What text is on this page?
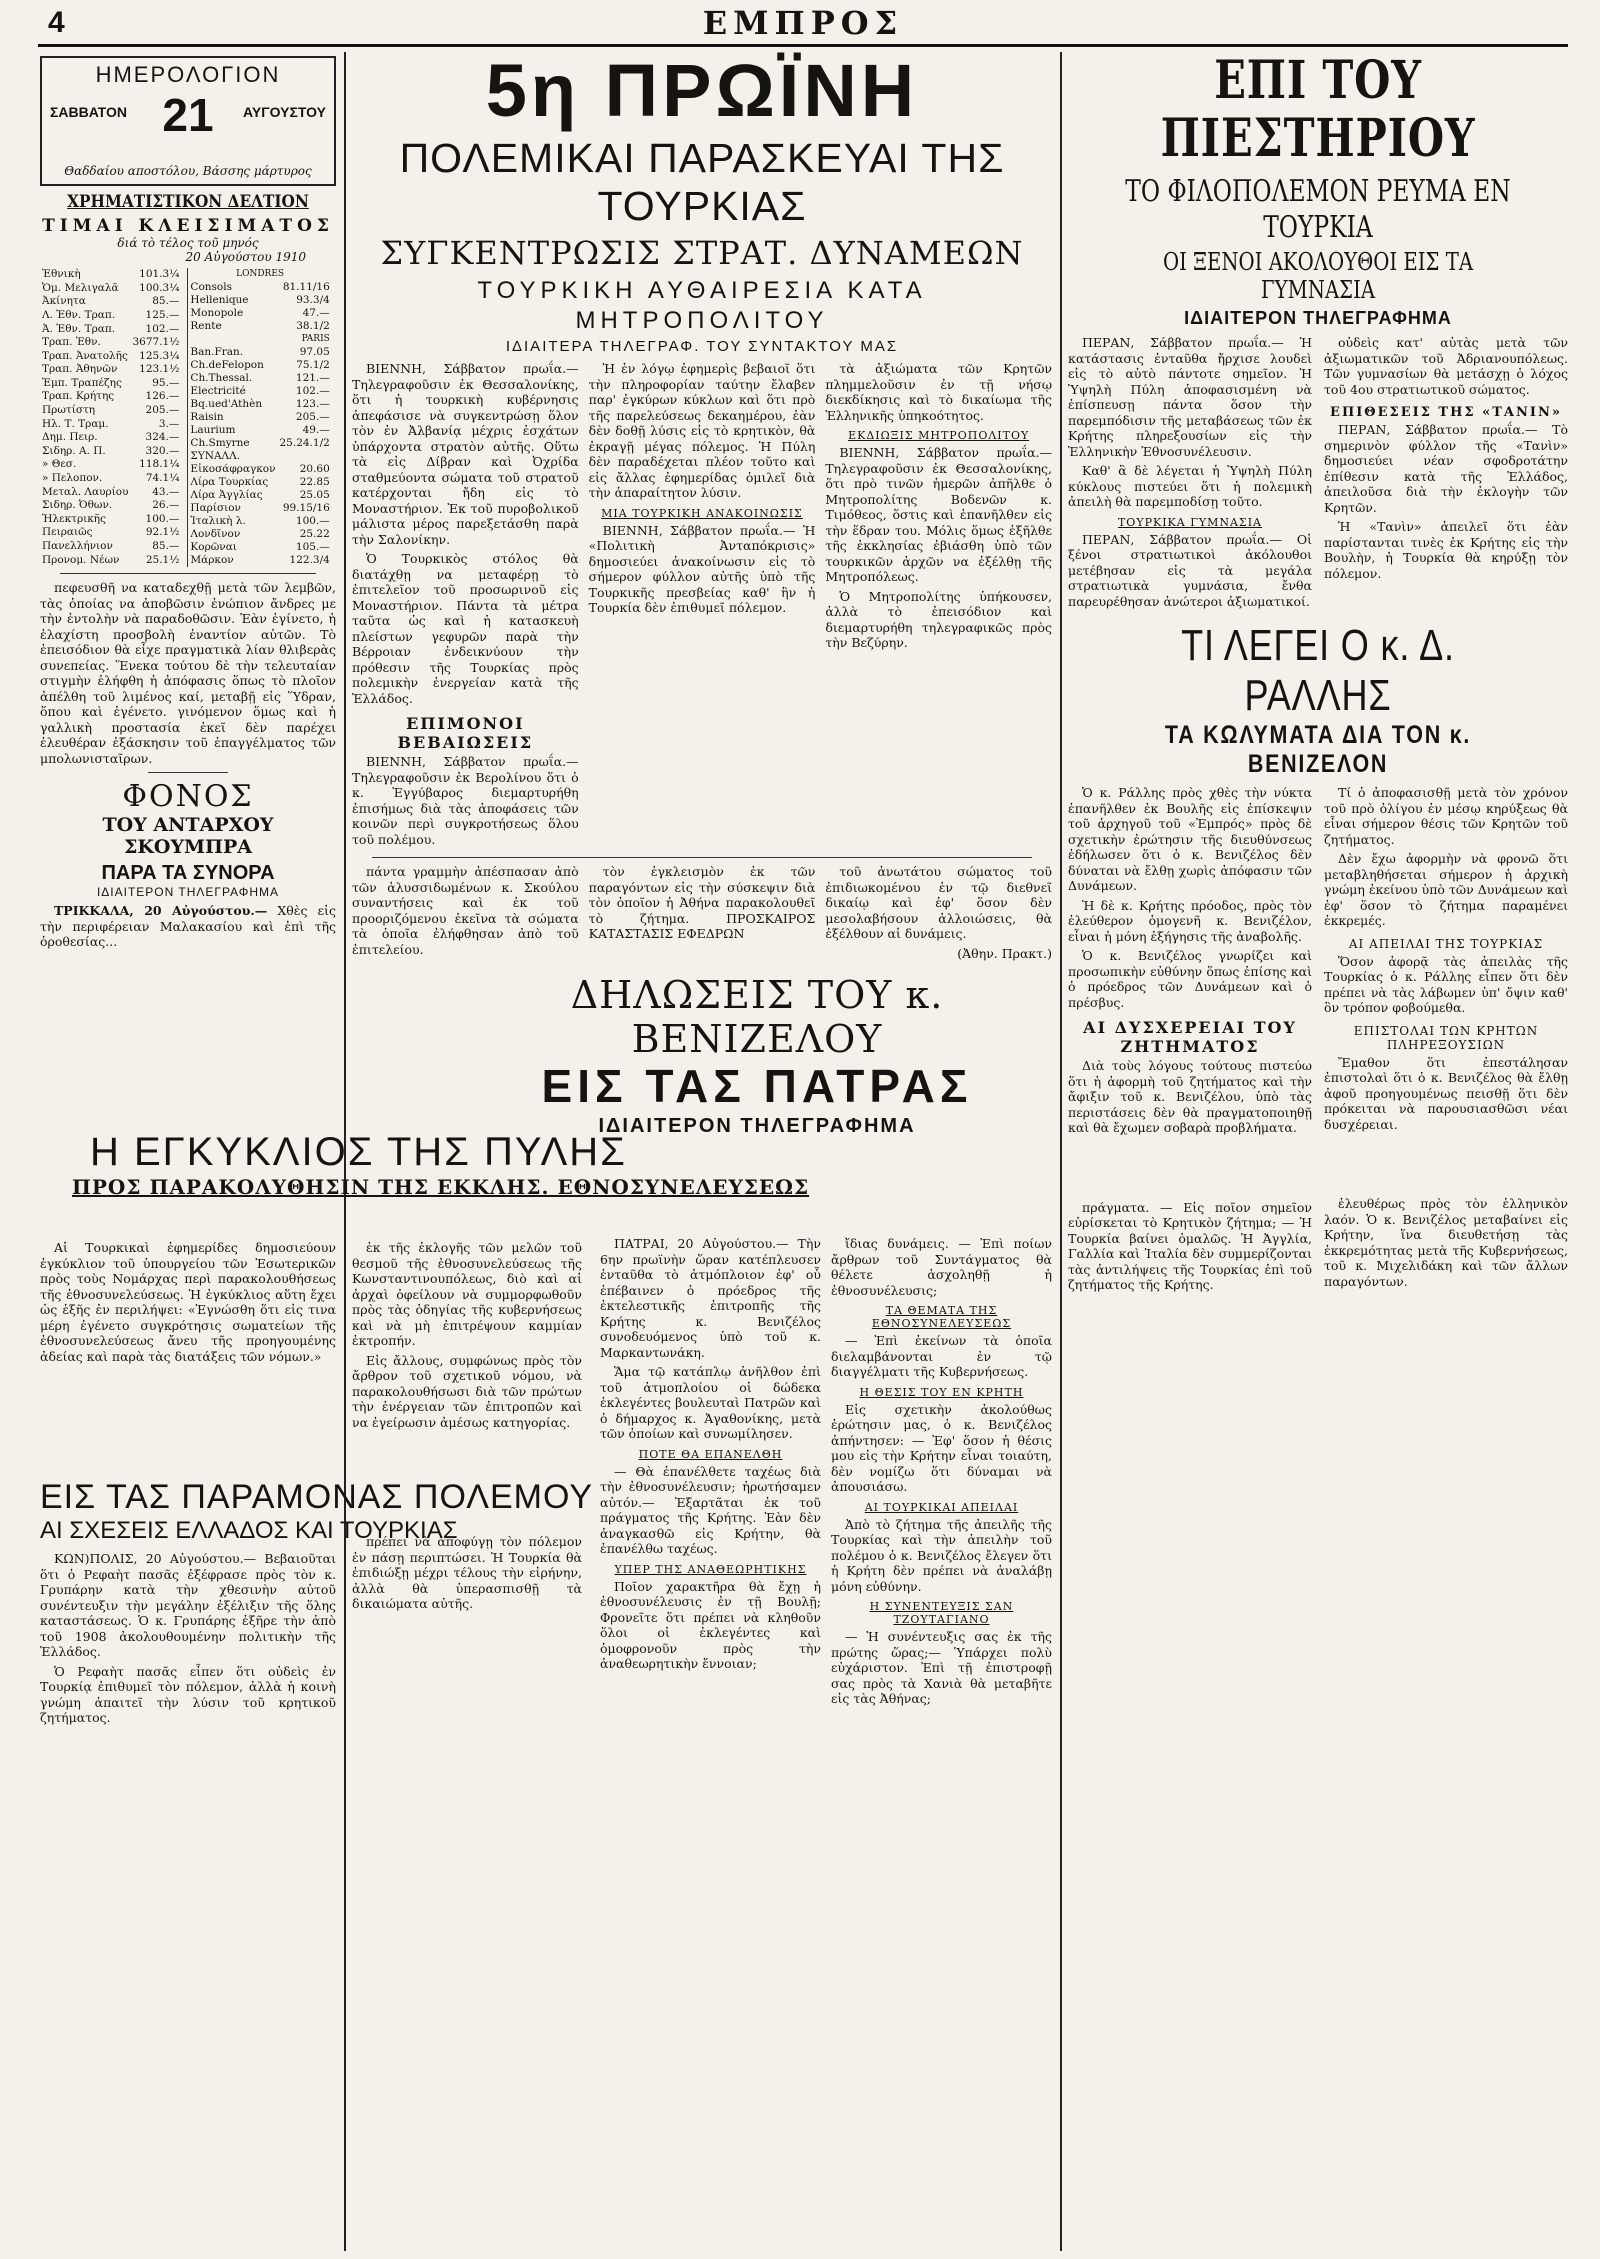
4	ΕΜΠΡΟΣ
ΗΜΕΡΟΛΟΓΙΟΝ
ΣΑΒΒΑΤΟΝ 21	ΑΥΓΟΥΣΤΟΥ
Θαδδαίου αποστόλου, Βάσσης μάρτυρος
ΧΡΗΜΑΤΙΣΤΙΚΟΝ ΔΕΛΤΙΟΝ
ΤΙΜΑΙ ΚΛΕΙΣΙΜΑΤΟΣ
διά τὸ τέλος τοῦ μηνός
20 Αὐγούστου 1910
Ἐθνικὴ	101.3¼
Ὁμ. Μελιγαλᾶ	100.3¼
Ἀκίνητα	85.—
Λ. Ἐθν. Τραπ.	125.—
Ἀ. Ἐθν. Τραπ.	102.—
Τραπ. Ἐθν.	3677.1½
Τραπ. Ἀνατολῆς	125.3¼
Τραπ. Ἀθηνῶν	123.1½
Ἐμπ. Τραπέζης	95.—
Τραπ. Κρήτης	126.—
Πρωτίστη	205.—
Ηλ. Τ. Τραμ.	3.—
Δημ. Πειρ.	324.—
Σιδηρ. Α. Π.	320.—
» Θεσ.	118.1¼
» Πελοπον.	74.1¼
Μεταλ. Λαυρίου	43.—
Σιδηρ. Ὀθων.	26.—
Ἠλεκτρικῆς	100.—
Πειραιῶς	92.1½
Πανελλήνιον	85.—
Προνομ. Νέων	25.1½
LONDRES	
Consols	81.11/16
Hellenique	93.3/4
Monopole	47.—
Rente	38.1/2
PARIS	
Ban.Fran.	97.05
Ch.deFelopon	75.1/2
Ch.Thessal.	121.—
Electricité	102.—
Bq.ued'Athèn	123.—
Raisin	205.—
Laurium	49.—
Ch.Smyrne	25.24.1/2
ΣΥΝΑΛΛ.	
Εἰκοσάφραγκον	20.60
Λίρα Τουρκίας	22.85
Λίρα Ἀγγλίας	25.05
Παρίσιον	99.15/16
Ἰταλικὴ λ.	100.—
Λονδῖνον	25.22
Κορῶναι	105.—
Μάρκον	122.3/4

πεφευσθῆ να καταδεχθῇ μετὰ τῶν λεμβῶν, τὰς ὁποίας να ἀποβῶσιν ἐνώπιον ἄνδρες με τὴν ἐντολὴν νὰ παραδοθῶσιν. Ἐὰν ἐγίνετο, ἡ ἐλαχίστη προσβολὴ ἐναντίον αὐτῶν. Τὸ ἐπεισόδιον θὰ εἶχε πραγματικὰ λίαν θλιβερὰς συνεπείας. Ἕνεκα τούτου δὲ τὴν τελευταίαν στιγμὴν ἐλήφθη ἡ ἀπόφασις ὅπως τὸ πλοῖον ἀπέλθη τοῦ λιμένος καί, μεταβῇ εἰς Ὕδραν, ὅπου καὶ ἐγένετο. γινόμενον ὅμως καὶ ἡ γαλλικὴ προστασία ἐκεῖ δὲν παρέχει ἐλευθέραν ἐξάσκησιν τοῦ ἐπαγγέλματος τῶν μπολωνισταῖρων.

ΦΟΝΟΣ
ΤΟΥ ΑΝΤΑΡΧΟΥ ΣΚΟΥΜΠΡΑ
ΠΑΡΑ ΤΑ ΣΥΝΟΡΑ
ΙΔΙΑΙΤΕΡΟΝ ΤΗΛΕΓΡΑΦΗΜΑ

ΤΡΙΚΚΑΛΑ, 20 Αὐγούστου.— Χθὲς εἰς τὴν περιφέρειαν Μαλακασίου καὶ ἐπὶ τῆς ὁροθεσίας...

5η ΠΡΩΪΝΗ
ΠΟΛΕΜΙΚΑΙ ΠΑΡΑΣΚΕΥΑΙ ΤΗΣ ΤΟΥΡΚΙΑΣ
ΣΥΓΚΕΝΤΡΩΣΙΣ ΣΤΡΑΤ. ΔΥΝΑΜΕΩΝ
ΤΟΥΡΚΙΚΗ ΑΥΘΑΙΡΕΣΙΑ ΚΑΤΑ ΜΗΤΡΟΠΟΛΙΤΟΥ
ΙΔΙΑΙΤΕΡΑ ΤΗΛΕΓΡΑΦ. ΤΟΥ ΣΥΝΤΑΚΤΟΥ ΜΑΣ

ΒΙΕΝΝΗ, Σάββατον πρωΐα.—Τηλεγραφοῦσιν ἐκ Θεσσαλονίκης, ὅτι ἡ τουρκικὴ κυβέρνησις ἀπεφάσισε νὰ συγκεντρώσῃ ὅλον τὸν ἐν Ἀλβανίᾳ μέχρις ἐσχάτων ὑπάρχοντα στρατὸν αὐτῆς. Οὕτω τὰ εἰς Δίβραν καὶ Ὀχρίδα σταθμεύοντα σώματα τοῦ στρατοῦ κατέρχονται ἤδη εἰς τὸ Μοναστήριον. Ἐκ τοῦ πυροβολικοῦ μάλιστα μέρος παρεξετάσθη παρὰ τὴν Σαλονίκην.

Ὁ Τουρκικὸς στόλος θὰ διατάχθῃ να μεταφέρῃ τὸ ἐπιτελεῖον τοῦ προσωρινοῦ εἰς Μοναστήριον. Πάντα τὰ μέτρα ταῦτα ὡς καὶ ἡ κατασκευὴ πλείστων γεφυρῶν παρὰ τὴν Βέρροιαν ἐνδεικνύουν τὴν πρόθεσιν τῆς Τουρκίας πρὸς πολεμικὴν ἐνεργείαν κατὰ τῆς Ἑλλάδος.

ΕΠΙΜΟΝΟΙ ΒΕΒΑΙΩΣΕΙΣ

ΒΙΕΝΝΗ, Σάββατον πρωΐα.—Τηλεγραφοῦσιν ἐκ Βερολίνου ὅτι ὁ κ. Ἐγγύβαρος διεμαρτυρήθη ἐπισήμως διὰ τὰς ἀποφάσεις τῶν κοινῶν περὶ συγκροτήσεως ὅλου τοῦ πολέμου.

Ἡ ἐν λόγῳ ἐφημερὶς βεβαιοῖ ὅτι τὴν πληροφορίαν ταύτην ἔλαβεν παρ' ἐγκύρων κύκλων καὶ ὅτι πρὸ τῆς παρελεύσεως δεκαημέρου, ἐὰν δὲν δοθῇ λύσις εἰς τὸ κρητικὸν, θὰ ἐκραγῇ μέγας πόλεμος. Ἡ Πύλη δὲν παραδέχεται πλέον τοῦτο καὶ εἰς ἄλλας ἐφημερίδας ὁμιλεῖ διὰ τὴν ἀπαραίτητον λύσιν.

ΜΙΑ ΤΟΥΡΚΙΚΗ ΑΝΑΚΟΙΝΩΣΙΣ

ΒΙΕΝΝΗ, Σάββατον πρωΐα.— Ἡ «Πολιτικὴ Ἀνταπόκρισις» δημοσιεύει ἀνακοίνωσιν εἰς τὸ σήμερον φύλλον αὐτῆς ὑπὸ τῆς Τουρκικῆς πρεσβείας καθ' ἣν ἡ Τουρκία δὲν ἐπιθυμεῖ πόλεμον.

τὰ ἀξιώματα τῶν Κρητῶν πλημμελοῦσιν ἐν τῇ νήσῳ διεκδίκησις καὶ τὸ δικαίωμα τῆς Ἑλληνικῆς ὑπηκοότητος.

ΕΚΔΙΩΞΙΣ ΜΗΤΡΟΠΟΛΙΤΟΥ

ΒΙΕΝΝΗ, Σάββατον πρωΐα.—Τηλεγραφοῦσιν ἐκ Θεσσαλονίκης, ὅτι πρὸ τινῶν ἡμερῶν ἀπῆλθε ὁ Μητροπολίτης Βοδενῶν κ. Τιμόθεος, ὅστις καὶ ἐπανῆλθεν εἰς τὴν ἕδραν του. Μόλις ὅμως ἐξῆλθε τῆς ἐκκλησίας ἐβιάσθη ὑπὸ τῶν τουρκικῶν ἀρχῶν να ἐξέλθῃ τῆς Μητροπόλεως.

Ὁ Μητροπολίτης ὑπήκουσεν, ἀλλὰ τὸ ἐπεισόδιον καὶ διεμαρτυρήθη τηλεγραφικῶς πρὸς τὴν Βεζύρην.

πάντα γραμμὴν ἀπέσπασαν ἀπὸ τῶν ἀλυσσιδωμένων κ. Σκούλου συναντήσεις καὶ ἐκ τοῦ προοριζόμενου ἐκεῖνα τὰ σώματα τὰ ὁποῖα ἐλήφθησαν ἀπὸ τοῦ ἐπιτελείου.

τὸν ἐγκλεισμὸν ἐκ τῶν παραγόντων εἰς τὴν σύσκεψιν διὰ τὸν ὁποῖον ἡ Ἀθήνα παρακολουθεῖ τὸ ζήτημα. ΠΡΟΣΚΑΙΡΟΣ ΚΑΤΑΣΤΑΣΙΣ ΕΦΕΔΡΩΝ

τοῦ ἀνωτάτου σώματος τοῦ ἐπιδιωκομένου ἐν τῷ διεθνεῖ δικαίῳ καὶ ἐφ' ὅσον δὲν μεσολαβήσουν ἀλλοιώσεις, θὰ ἐξέλθουν αἱ δυνάμεις.

(Ἀθην. Πρακτ.)

ΔΗΛΩΣΕΙΣ ΤΟΥ κ. ΒΕΝΙΖΕΛΟΥ
ΕΙΣ ΤΑΣ ΠΑΤΡΑΣ
ΙΔΙΑΙΤΕΡΟΝ ΤΗΛΕΓΡΑΦΗΜΑ
Η ΕΓΚΥΚΛΙΟΣ ΤΗΣ ΠΥΛΗΣ
ΠΡΟΣ ΠΑΡΑΚΟΛΥΘΗΣΙΝ ΤΗΣ ΕΚΚΛΗΣ. ΕΘΝΟΣΥΝΕΛΕΥΣΕΩΣ

Αἱ Τουρκικαὶ ἐφημερίδες δημοσιεύουν ἐγκύκλιον τοῦ ὑπουργείου τῶν Ἐσωτερικῶν πρὸς τοὺς Νομάρχας περὶ παρακολουθήσεως τῆς ἐθνοσυνελεύσεως. Ἡ ἐγκύκλιος αὕτη ἔχει ὡς ἑξῆς ἐν περιλήψει: «Ἐγνώσθη ὅτι εἰς τινα μέρη ἐγένετο συγκρότησις σωματείων τῆς ἐθνοσυνελεύσεως ἄνευ τῆς προηγουμένης ἀδείας καὶ παρὰ τὰς διατάξεις τῶν νόμων.»

ΕΙΣ ΤΑΣ ΠΑΡΑΜΟΝΑΣ ΠΟΛΕΜΟΥ
ΑΙ ΣΧΕΣΕΙΣ ΕΛΛΑΔΟΣ ΚΑΙ ΤΟΥΡΚΙΑΣ

ΚΩΝ)ΠΟΛΙΣ, 20 Αὐγούστου.— Βεβαιοῦται ὅτι ὁ Ρεφαὴτ πασᾶς ἐξέφρασε πρὸς τὸν κ. Γρυπάρην κατὰ τὴν χθεσινὴν αὐτοῦ συνέντευξιν τὴν μεγάλην ἐξέλιξιν τῆς ὅλης καταστάσεως. Ὁ κ. Γρυπάρης ἐξῆρε τὴν ἀπὸ τοῦ 1908 ἀκολουθουμένην πολιτικὴν τῆς Ἑλλάδος.

Ὁ Ρεφαὴτ πασᾶς εἶπεν ὅτι οὐδεὶς ἐν Τουρκίᾳ ἐπιθυμεῖ τὸν πόλεμον, ἀλλὰ ἡ κοινὴ γνώμη ἀπαιτεῖ τὴν λύσιν τοῦ κρητικοῦ ζητήματος.

ἐκ τῆς ἐκλογῆς τῶν μελῶν τοῦ θεσμοῦ τῆς ἐθνοσυνελεύσεως τῆς Κωνσταντινουπόλεως, διὸ καὶ αἱ ἀρχαὶ ὀφείλουν νὰ συμμορφωθοῦν πρὸς τὰς ὁδηγίας τῆς κυβερνήσεως καὶ νὰ μὴ ἐπιτρέψουν καμμίαν ἐκτροπήν.

Εἰς ἄλλους, συμφώνως πρὸς τὸν ἄρθρον τοῦ σχετικοῦ νόμου, νὰ παρακολουθήσωσι διὰ τῶν πρώτων τὴν ἐνέργειαν τῶν ἐπιτροπῶν καὶ να ἐγείρωσιν ἀμέσως κατηγορίας.

πρέπει νὰ ἀποφύγῃ τὸν πόλεμον ἐν πάσῃ περιπτώσει. Ἡ Τουρκία θὰ ἐπιδιώξῃ μέχρι τέλους τὴν εἰρήνην, ἀλλὰ θὰ ὑπερασπισθῇ τὰ δικαιώματα αὐτῆς.

ΠΑΤΡΑΙ, 20 Αὐγούστου.— Τὴν 6ην πρωϊνὴν ὥραν κατέπλευσεν ἐνταῦθα τὸ ἀτμόπλοιον ἐφ' οὗ ἐπέβαινεν ὁ πρόεδρος τῆς ἐκτελεστικῆς ἐπιτροπῆς τῆς Κρήτης κ. Βενιζέλος συνοδευόμενος ὑπὸ τοῦ κ. Μαρκαντωνάκη.

Ἅμα τῷ κατάπλῳ ἀνῆλθον ἐπὶ τοῦ ἀτμοπλοίου οἱ δώδεκα ἐκλεγέντες βουλευταὶ Πατρῶν καὶ ὁ δήμαρχος κ. Ἀγαθονίκης, μετὰ τῶν ὁποίων καὶ συνωμίλησεν.

ΠΟΤΕ ΘΑ ΕΠΑΝΕΛΘΗ

— Θὰ ἐπανέλθετε ταχέως διὰ τὴν ἐθνοσυνέλευσιν; ἠρωτήσαμεν αὐτόν.— Ἐξαρτᾶται ἐκ τοῦ πράγματος τῆς Κρήτης. Ἐὰν δὲν ἀναγκασθῶ εἰς Κρήτην, θὰ ἐπανέλθω ταχέως.

ΥΠΕΡ ΤΗΣ ΑΝΑΘΕΩΡΗΤΙΚΗΣ

Ποῖον χαρακτῆρα θὰ ἔχῃ ἡ ἐθνοσυνέλευσις ἐν τῇ Βουλῇ; Φρονεῖτε ὅτι πρέπει νὰ κληθοῦν ὅλοι οἱ ἐκλεγέντες καὶ ὁμοφρονοῦν πρὸς τὴν ἀναθεωρητικὴν ἔννοιαν;

ἴδιας δυνάμεις. — Ἐπὶ ποίων ἄρθρων τοῦ Συντάγματος θὰ θέλετε ἀσχοληθῇ ἡ ἐθνοσυνέλευσις;

ΤΑ ΘΕΜΑΤΑ ΤΗΣ ΕΘΝΟΣΥΝΕΛΕΥΣΕΩΣ

— Ἐπὶ ἐκείνων τὰ ὁποῖα διελαμβάνονται ἐν τῷ διαγγέλματι τῆς Κυβερνήσεως.

Η ΘΕΣΙΣ ΤΟΥ ΕΝ ΚΡΗΤΗ

Εἰς σχετικὴν ἀκολούθως ἐρώτησιν μας, ὁ κ. Βενιζέλος ἀπήντησεν: — Ἐφ' ὅσον ἡ θέσις μου εἰς τὴν Κρήτην εἶναι τοιαύτη, δὲν νομίζω ὅτι δύναμαι νὰ ἀπουσιάσω.

ΑΙ ΤΟΥΡΚΙΚΑΙ ΑΠΕΙΛΑΙ

Ἀπὸ τὸ ζήτημα τῆς ἀπειλῆς τῆς Τουρκίας καὶ τὴν ἀπειλὴν τοῦ πολέμου ὁ κ. Βενιζέλος ἔλεγεν ὅτι ἡ Κρήτη δὲν πρέπει νὰ ἀναλάβῃ μόνη εὐθύνην.

Η ΣΥΝΕΝΤΕΥΞΙΣ ΣΑΝ ΤΖΟΥΤΑΓΙΑΝΟ

— Ἡ συνέντευξις σας ἐκ τῆς πρώτης ὥρας;— Ὑπάρχει πολὺ εὐχάριστον. Ἐπὶ τῇ ἐπιστροφῇ σας πρὸς τὰ Χανιὰ θὰ μεταβῆτε εἰς τὰς Ἀθήνας;

ΕΠΙ ΤΟΥ ΠΙΕΣΤΗΡΙΟΥ
ΤΟ ΦΙΛΟΠΟΛΕΜΟΝ ΡΕΥΜΑ ΕΝ ΤΟΥΡΚΙΑ
ΟΙ ΞΕΝΟΙ ΑΚΟΛΟΥΘΟΙ ΕΙΣ ΤΑ ΓΥΜΝΑΣΙΑ
ΙΔΙΑΙΤΕΡΟΝ ΤΗΛΕΓΡΑΦΗΜΑ

ΠΕΡΑΝ, Σάββατον πρωΐα.— Ἡ κατάστασις ἐνταῦθα ἤρχισε λουδεὶ εἰς τὸ αὐτὸ πάντοτε σημεῖον. Ἡ Ὑψηλὴ Πύλη ἀποφασισμένη νὰ ἐπίσπευσῃ πάντα ὅσον τὴν παρεμπόδισιν τῆς μεταβάσεως τῶν ἐκ Κρήτης πληρεξουσίων εἰς τὴν Ἑλληνικὴν Ἐθνοσυνέλευσιν.

Καθ' ἃ δὲ λέγεται ἡ Ὑψηλὴ Πύλη κύκλους πιστεύει ὅτι ἡ πολεμικὴ ἀπειλὴ θὰ παρεμποδίσῃ τοῦτο.

ΤΟΥΡΚΙΚΑ ΓΥΜΝΑΣΙΑ

ΠΕΡΑΝ, Σάββατον πρωΐα.— Οἱ ξένοι στρατιωτικοὶ ἀκόλουθοι μετέβησαν εἰς τὰ μεγάλα στρατιωτικὰ γυμνάσια, ἔνθα παρευρέθησαν ἀνώτεροι ἀξιωματικοί.

οὐδεὶς κατ' αὐτὰς μετὰ τῶν ἀξιωματικῶν τοῦ Ἀδριανουπόλεως. Τῶν γυμνασίων θὰ μετάσχῃ ὁ λόχος τοῦ 4ου στρατιωτικοῦ σώματος.

ΕΠΙΘΕΣΕΙΣ ΤΗΣ «ΤΑΝΙΝ»

ΠΕΡΑΝ, Σάββατον πρωΐα.— Τὸ σημερινὸν φύλλον τῆς «Τανὶν» δημοσιεύει νέαν σφοδροτάτην ἐπίθεσιν κατὰ τῆς Ἑλλάδος, ἀπειλοῦσα διὰ τὴν ἐκλογὴν τῶν Κρητῶν.

Ἡ «Τανὶν» ἀπειλεῖ ὅτι ἐὰν παρίστανται τινὲς ἐκ Κρήτης εἰς τὴν Βουλὴν, ἡ Τουρκία θὰ κηρύξῃ τὸν πόλεμον.

ΤΙ ΛΕΓΕΙ Ο κ. Δ. ΡΑΛΛΗΣ
ΤΑ ΚΩΛΥΜΑΤΑ ΔΙΑ ΤΟΝ κ. ΒΕΝΙΖΕΛΟΝ

Ὁ κ. Ράλλης πρὸς χθὲς τὴν νύκτα ἐπανῆλθεν ἐκ Βουλῆς εἰς ἐπίσκεψιν τοῦ ἀρχηγοῦ τοῦ «Ἐμπρός» πρὸς δὲ σχετικὴν ἐρώτησιν τῆς διευθύνσεως ἐδήλωσεν ὅτι ὁ κ. Βενιζέλος δὲν δύναται νὰ ἔλθῃ χωρὶς ἀπόφασιν τῶν Δυνάμεων.

Ἡ δὲ κ. Κρήτης πρόοδος, πρὸς τὸν ἐλεύθερον ὁμογενῆ κ. Βενιζέλον, εἶναι ἡ μόνη ἐξήγησις τῆς ἀναβολῆς.

Ὁ κ. Βενιζέλος γνωρίζει καὶ προσωπικὴν εὐθύνην ὅπως ἐπίσης καὶ ὁ πρόεδρος τῶν Δυνάμεων καὶ ὁ πρέσβυς.

ΑΙ ΔΥΣΧΕΡΕΙΑΙ ΤΟΥ ΖΗΤΗΜΑΤΟΣ

Διὰ τοὺς λόγους τούτους πιστεύω ὅτι ἡ ἀφορμὴ τοῦ ζητήματος καὶ τὴν ἄφιξιν τοῦ κ. Βενιζέλου, ὑπὸ τὰς περιστάσεις δὲν θὰ πραγματοποιηθῇ καὶ θὰ ἔχωμεν σοβαρὰ προβλήματα.

πράγματα. — Εἰς ποῖον σημεῖον εὑρίσκεται τὸ Κρητικὸν ζήτημα; — Ἡ Τουρκία βαίνει ὁμαλῶς. Ἡ Ἀγγλία, Γαλλία καὶ Ἰταλία δὲν συμμερίζονται τὰς ἀντιλήψεις τῆς Τουρκίας ἐπὶ τοῦ ζητήματος τῆς Κρήτης.

Τί ὁ ἀποφασισθῇ μετὰ τὸν χρόνον τοῦ πρὸ ὀλίγου ἐν μέσῳ κηρύξεως θὰ εἶναι σήμερον θέσις τῶν Κρητῶν τοῦ ζητήματος.

Δὲν ἔχω ἀφορμὴν νὰ φρονῶ ὅτι μεταβληθήσεται σήμερον ἡ ἀρχικὴ γνώμη ἐκείνου ὑπὸ τῶν Δυνάμεων καὶ ἐφ' ὅσον τὸ ζήτημα παραμένει ἐκκρεμές.

ΑΙ ΑΠΕΙΛΑΙ ΤΗΣ ΤΟΥΡΚΙΑΣ

Ὅσον ἀφορᾷ τὰς ἀπειλὰς τῆς Τουρκίας ὁ κ. Ράλλης εἶπεν ὅτι δὲν πρέπει νὰ τὰς λάβωμεν ὑπ' ὄψιν καθ' ὃν τρόπον φοβούμεθα.

ΕΠΙΣΤΟΛΑΙ ΤΩΝ ΚΡΗΤΩΝ ΠΛΗΡΕΞΟΥΣΙΩΝ

Ἔμαθον ὅτι ἐπεστάλησαν ἐπιστολαὶ ὅτι ὁ κ. Βενιζέλος θὰ ἔλθῃ ἀφοῦ προηγουμένως πεισθῇ ὅτι δὲν πρόκειται νὰ παρουσιασθῶσι νέαι δυσχέρειαι.

ἐλευθέρως πρὸς τὸν ἑλληνικὸν λαόν. Ὁ κ. Βενιζέλος μεταβαίνει εἰς Κρήτην, ἵνα διευθετήσῃ τὰς ἐκκρεμότητας μετὰ τῆς Κυβερνήσεως, τοῦ κ. Μιχελιδάκη καὶ τῶν ἄλλων παραγόντων.
